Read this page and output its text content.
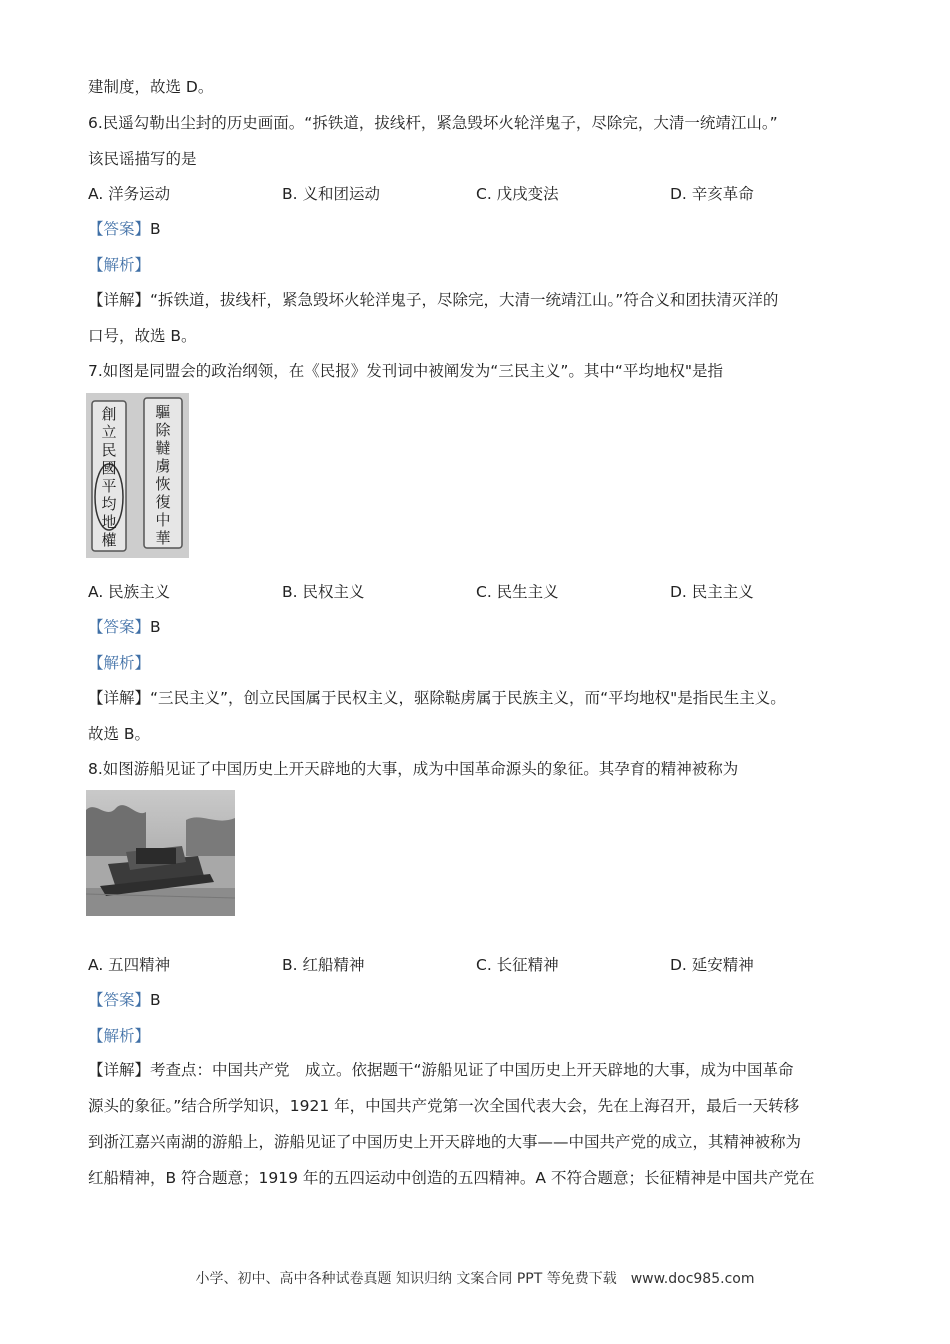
建制度，故选 D。
6.民遥勾勒出尘封的历史画面。“拆铁道，拔线杆，紧急毁坏火轮洋鬼子，尽除完，大清一统靖江山。”
该民谣描写的是
A. 洋务运动	B. 义和团运动	C. 戊戌变法	D. 辛亥革命
【答案】B
【解析】
【详解】“拆铁道，拔线杆，紧急毁坏火轮洋鬼子，尽除完，大清一统靖江山。”符合义和团扶清灭洋的
口号，故选 B。
7.如图是同盟会的政治纲领，在《民报》发刊词中被阐发为“三民主义”。其中“平均地权"是指
創
立
民
國
平
均
地
權
驅
除
韃
虜
恢
復
中
華
A. 民族主义	B. 民权主义	C. 民生主义	D. 民主主义
【答案】B
【解析】
【详解】“三民主义”，创立民国属于民权主义，驱除鞑虏属于民族主义，而“平均地权"是指民生主义。
故选 B。
8.如图游船见证了中国历史上开天辟地的大事，成为中国革命源头的象征。其孕育的精神被称为
A. 五四精神	B. 红船精神	C. 长征精神	D. 延安精神
【答案】B
【解析】
【详解】考查点：中国共产党　成立。依据题干“游船见证了中国历史上开天辟地的大事，成为中国革命
源头的象征。”结合所学知识，1921 年，中国共产党第一次全国代表大会，先在上海召开，最后一天转移
到浙江嘉兴南湖的游船上，游船见证了中国历史上开天辟地的大事——中国共产党的成立，其精神被称为
红船精神，B 符合题意；1919 年的五四运动中创造的五四精神。A 不符合题意；长征精神是中国共产党在
小学、初中、高中各种试卷真题 知识归纳 文案合同 PPT 等免费下载　www.doc985.com
